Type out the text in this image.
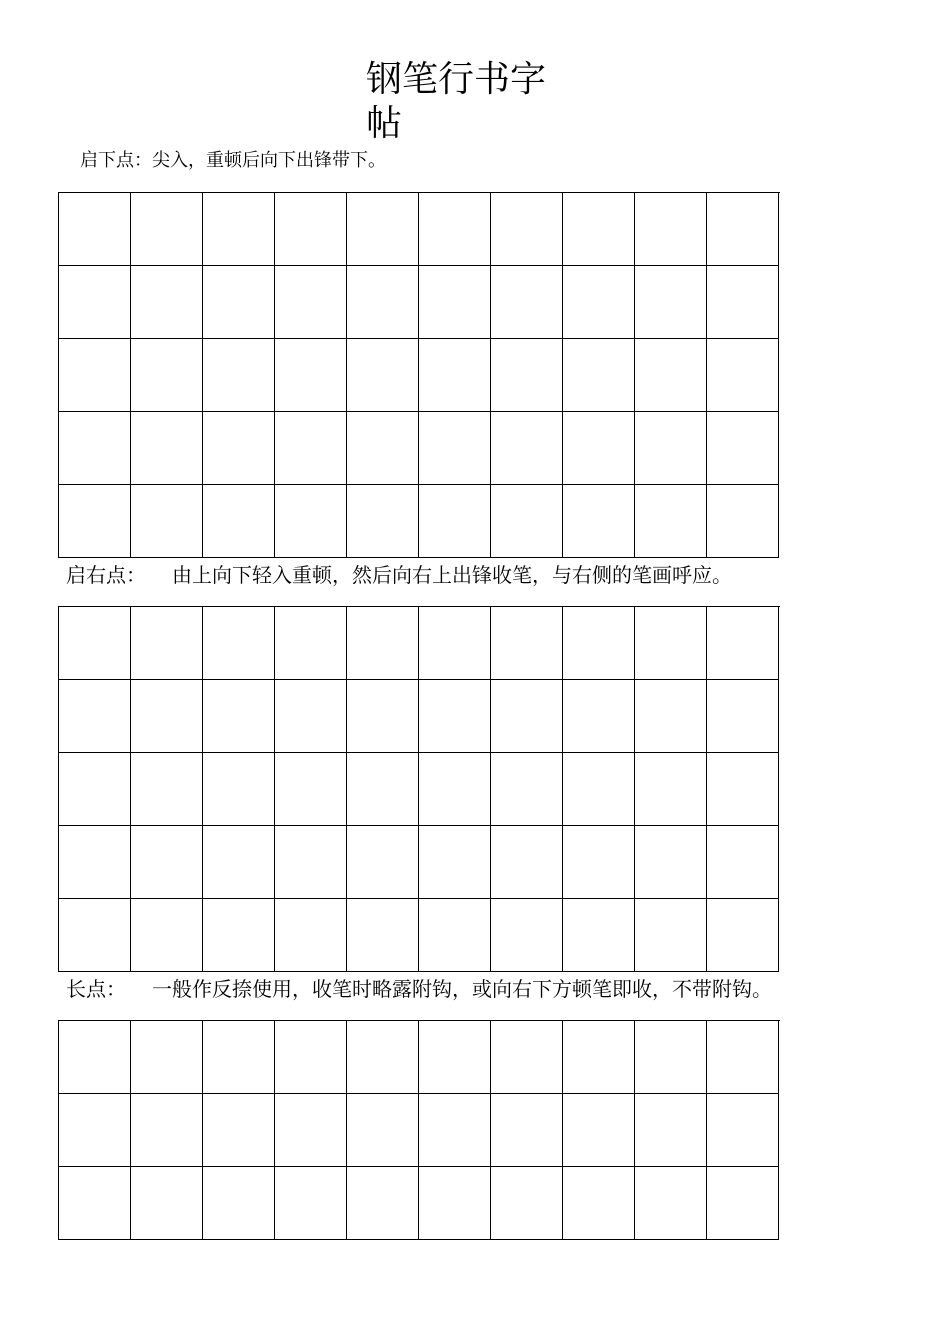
钢笔行书字帖

启下点：尖入，重顿后向下出锋带下。

启右点： 由上向下轻入重顿，然后向右上出锋收笔，与右侧的笔画呼应。

长点： 一般作反捺使用，收笔时略露附钩，或向右下方顿笔即收，不带附钩。
